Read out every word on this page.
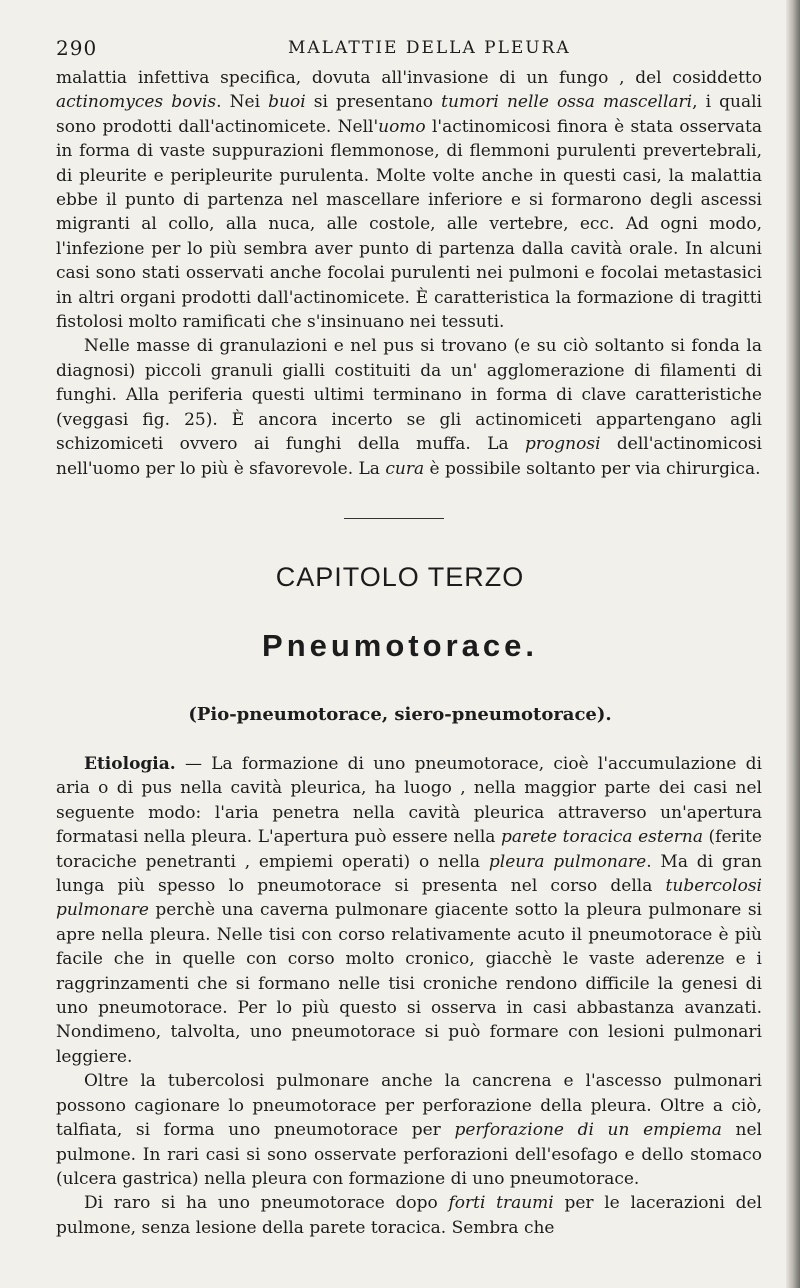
290	MALATTIE DELLA PLEURA

malattia infettiva specifica, dovuta all'invasione di un fungo , del cosiddetto actinomyces bovis. Nei buoi si presentano tumori nelle ossa mascellari, i quali sono prodotti dall'actinomicete. Nell'uomo l'actinomicosi finora è stata osservata in forma di vaste suppurazioni flemmonose, di flemmoni purulenti prevertebrali, di pleurite e peripleurite purulenta. Molte volte anche in questi casi, la malattia ebbe il punto di partenza nel mascellare inferiore e si formarono degli ascessi migranti al collo, alla nuca, alle costole, alle vertebre, ecc. Ad ogni modo, l'infezione per lo più sembra aver punto di partenza dalla cavità orale. In alcuni casi sono stati osservati anche focolai purulenti nei pulmoni e focolai metastasici in altri organi prodotti dall'actinomicete. È caratteristica la formazione di tragitti fistolosi molto ramificati che s'insinuano nei tessuti.

Nelle masse di granulazioni e nel pus si trovano (e su ciò soltanto si fonda la diagnosi) piccoli granuli gialli costituiti da un' agglomerazione di filamenti di funghi. Alla periferia questi ultimi terminano in forma di clave caratteristiche (veggasi fig. 25). È ancora incerto se gli actinomiceti appartengano agli schizomiceti ovvero ai funghi della muffa. La prognosi dell'actinomicosi nell'uomo per lo più è sfavorevole. La cura è possibile soltanto per via chirurgica.

CAPITOLO TERZO
Pneumotorace.
(Pio-pneumotorace, siero-pneumotorace).

Etiologia. — La formazione di uno pneumotorace, cioè l'accumulazione di aria o di pus nella cavità pleurica, ha luogo , nella maggior parte dei casi nel seguente modo: l'aria penetra nella cavità pleurica attraverso un'apertura formatasi nella pleura. L'apertura può essere nella parete toracica esterna (ferite toraciche penetranti , empiemi operati) o nella pleura pulmonare. Ma di gran lunga più spesso lo pneumotorace si presenta nel corso della tubercolosi pulmonare perchè una caverna pulmonare giacente sotto la pleura pulmonare si apre nella pleura. Nelle tisi con corso relativamente acuto il pneumotorace è più facile che in quelle con corso molto cronico, giacchè le vaste aderenze e i raggrinzamenti che si formano nelle tisi croniche rendono difficile la genesi di uno pneumotorace. Per lo più questo si osserva in casi abbastanza avanzati. Nondimeno, talvolta, uno pneumotorace si può formare con lesioni pulmonari leggiere.

Oltre la tubercolosi pulmonare anche la cancrena e l'ascesso pulmonari possono cagionare lo pneumotorace per perforazione della pleura. Oltre a ciò, talfiata, si forma uno pneumotorace per perforazione di un empiema nel pulmone. In rari casi si sono osservate perforazioni dell'esofago e dello stomaco (ulcera gastrica) nella pleura con formazione di uno pneumotorace.

Di raro si ha uno pneumotorace dopo forti traumi per le lacerazioni del pulmone, senza lesione della parete toracica. Sembra che
